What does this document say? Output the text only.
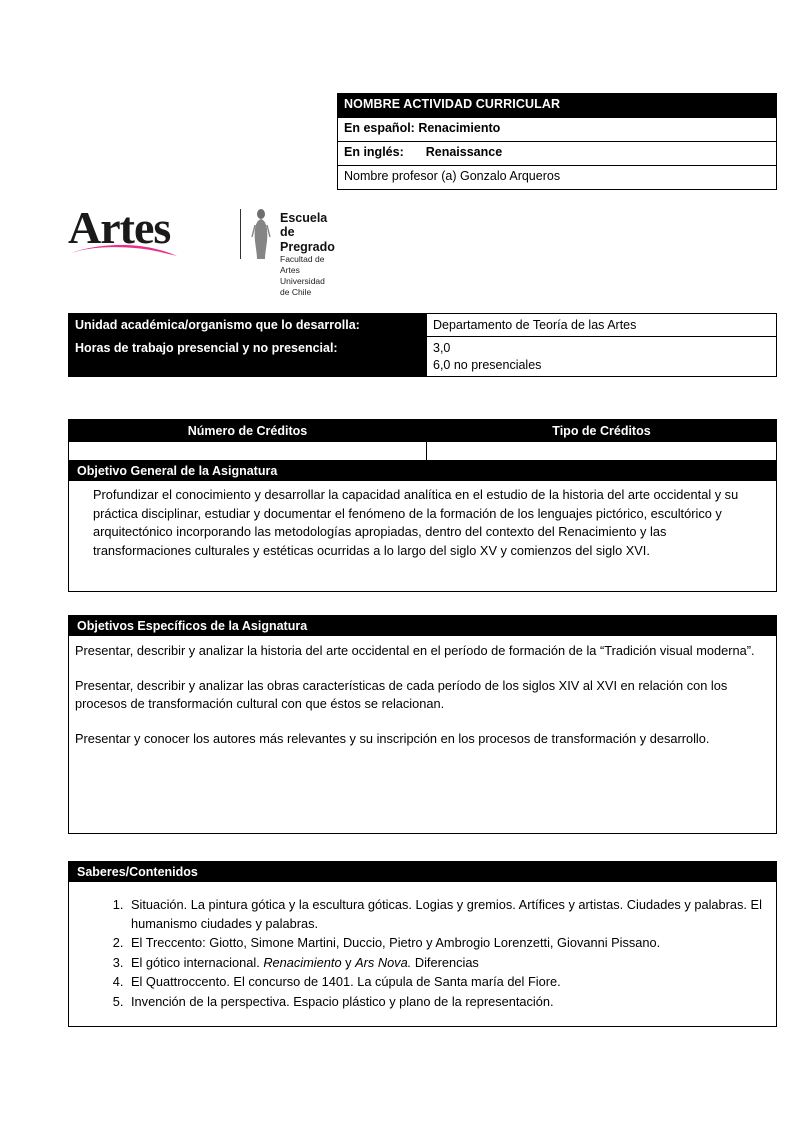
NOMBRE ACTIVIDAD CURRICULAR
En español: Renacimiento
En inglés: Renaissance
Nombre profesor (a) Gonzalo Arqueros
Artes	Escuela de Pregrado
Facultad de Artes
Universidad de Chile
Unidad académica/organismo que lo desarrolla:	Departamento de Teoría de las Artes
Horas de trabajo presencial y no presencial:	3,0
6,0 no presenciales
Número de Créditos	Tipo de Créditos

Objetivo General de la Asignatura

Profundizar el conocimiento y desarrollar la capacidad analítica en el estudio de la historia del arte occidental y su práctica disciplinar, estudiar y documentar el fenómeno de la formación de los lenguajes pictórico, escultórico y arquitectónico incorporando las metodologías apropiadas, dentro del contexto del Renacimiento y las transformaciones culturales y estéticas ocurridas a lo largo del siglo XV y comienzos del siglo XVI.

Objetivos Específicos de la Asignatura

Presentar, describir y analizar la historia del arte occidental en el período de formación de la “Tradición visual moderna”.

Presentar, describir y analizar las obras características de cada período de los siglos XIV al XVI en relación con los procesos de transformación cultural con que éstos se relacionan.

Presentar y conocer los autores más relevantes y su inscripción en los procesos de transformación y desarrollo.

Saberes/Contenidos
1. Situación. La pintura gótica y la escultura góticas. Logias y gremios. Artífices y artistas. Ciudades y palabras. El humanismo ciudades y palabras.
2. El Treccento: Giotto, Simone Martini, Duccio, Pietro y Ambrogio Lorenzetti, Giovanni Pissano.
3. El gótico internacional. Renacimiento y Ars Nova. Diferencias
4. El Quattroccento. El concurso de 1401. La cúpula de Santa maría del Fiore.
5. Invención de la perspectiva. Espacio plástico y plano de la representación.
